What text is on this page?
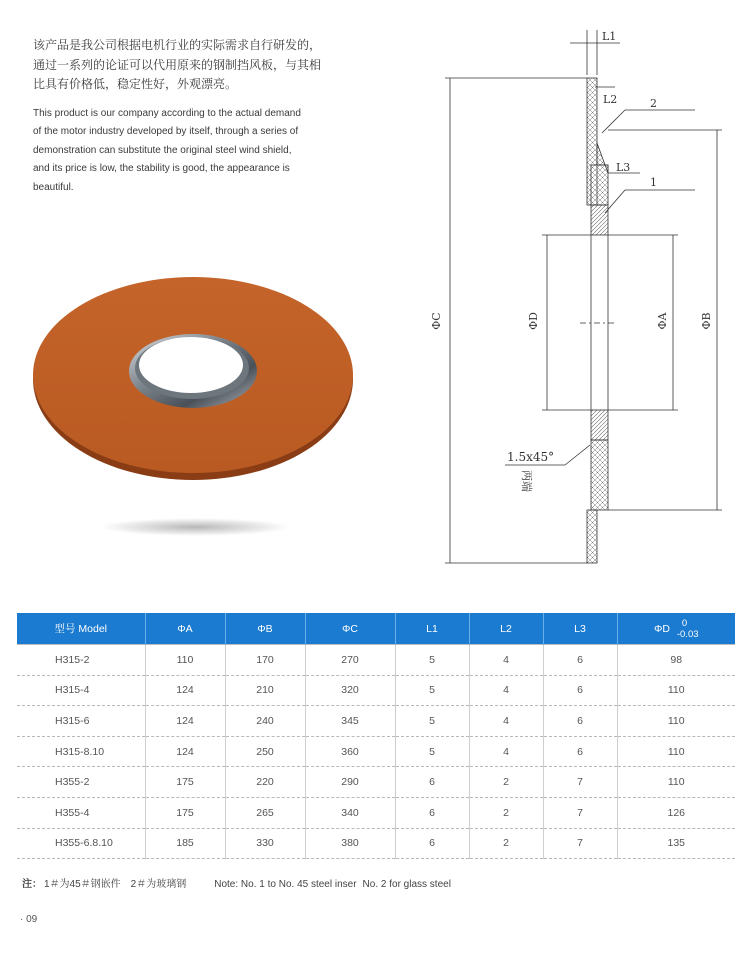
该产品是我公司根据电机行业的实际需求自行研发的，
通过一系列的论证可以代用原来的钢制挡风板，与其相
比具有价格低，稳定性好，外观漂亮。

This product is our company according to the actual demand
of the motor industry developed by itself, through a series of
demonstration can substitute the original steel wind shield,
and its price is low, the stability is good, the appearance is
beautiful.

L1
L2	2
L3
1
ΦC	ΦD	ΦA	ΦB
1.5x45°
两端
型号 Model	ΦA	ΦB	ΦC	L1	L2	L3	ΦD 0
-0.03

H315-2	110	170	270	5	4	6	98
H315-4	124	210	320	5	4	6	110
H315-6	124	240	345	5	4	6	110
H315-8.10	124	250	360	5	4	6	110
H355-2	175	220	290	6	2	7	110
H355-4	175	265	340	6	2	7	126
H355-6.8.10	185	330	380	6	2	7	135
注： 1＃为45＃钢嵌件　2＃为玻璃钢	Note: No. 1 to No. 45 steel inser No. 2 for glass steel
· 09
